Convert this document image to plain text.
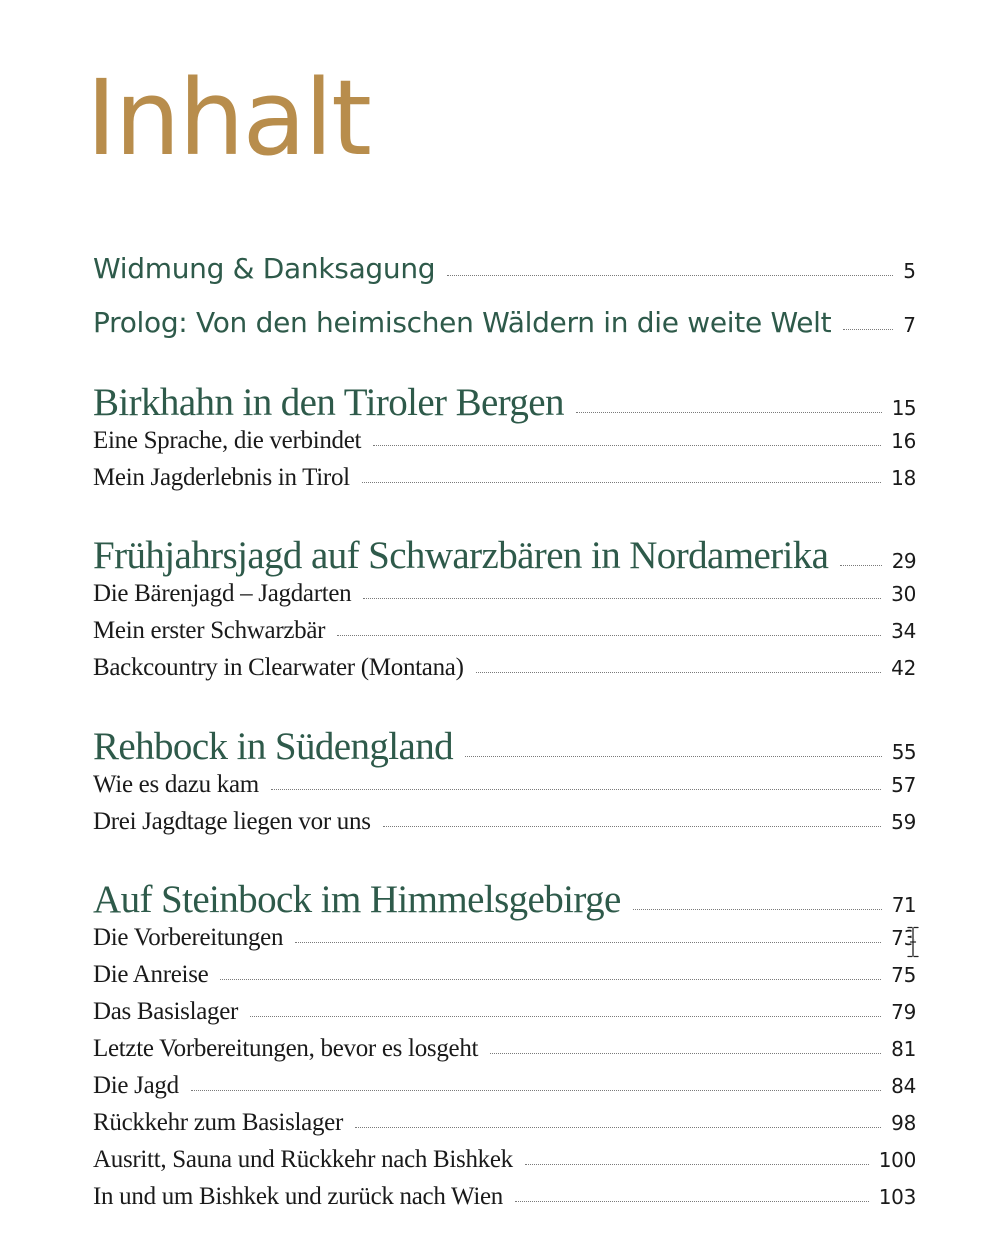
Inhalt
Widmung & Danksagung	5
Prolog: Von den heimischen Wäldern in die weite Welt	7
Birkhahn in den Tiroler Bergen	15
Eine Sprache, die verbindet	16
Mein Jagderlebnis in Tirol	18
Frühjahrsjagd auf Schwarzbären in Nordamerika	29
Die Bärenjagd – Jagdarten	30
Mein erster Schwarzbär	34
Backcountry in Clearwater (Montana)	42
Rehbock in Südengland	55
Wie es dazu kam	57
Drei Jagdtage liegen vor uns	59
Auf Steinbock im Himmelsgebirge	71
Die Vorbereitungen	73
Die Anreise	75
Das Basislager	79
Letzte Vorbereitungen, bevor es losgeht	81
Die Jagd	84
Rückkehr zum Basislager	98
Ausritt, Sauna und Rückkehr nach Bishkek	100
In und um Bishkek und zurück nach Wien	103
